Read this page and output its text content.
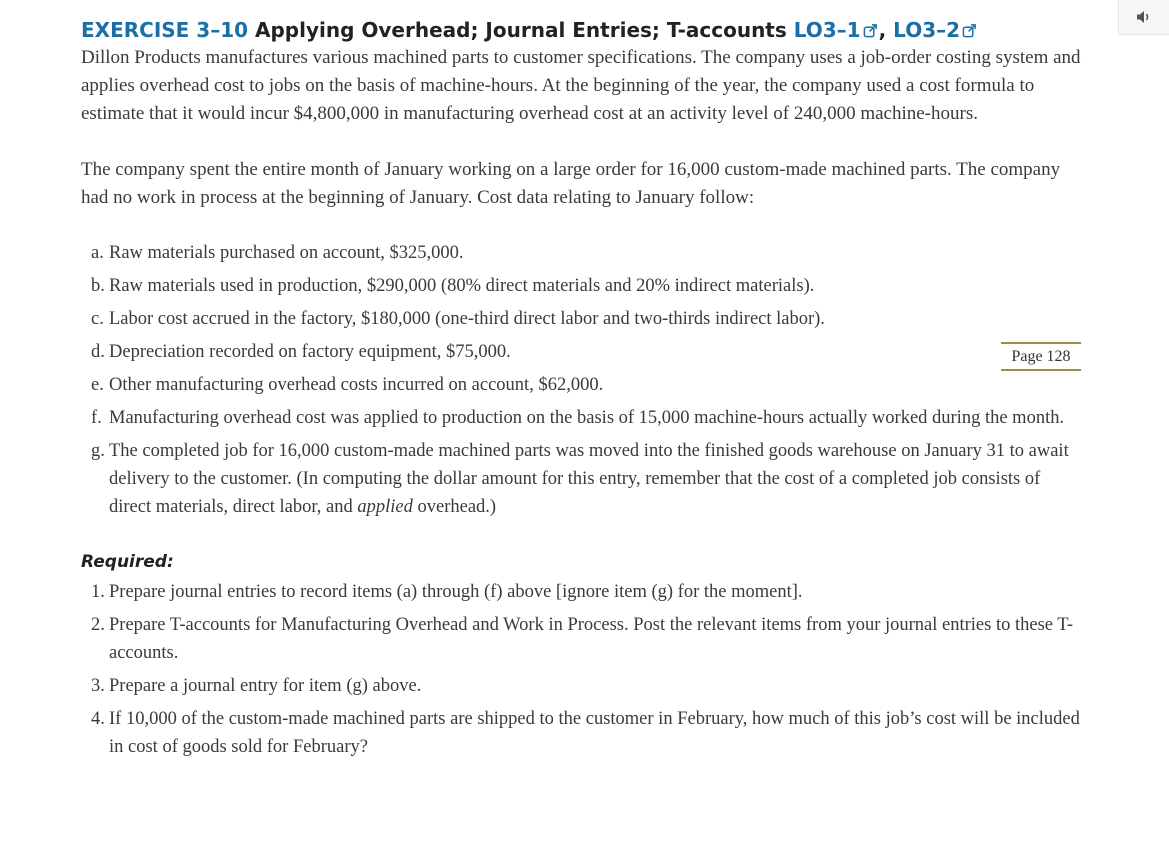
EXERCISE 3–10 Applying Overhead; Journal Entries; T-accounts LO3–1 , LO3–2

Dillon Products manufactures various machined parts to customer specifications. The company uses a job-order costing system and applies overhead cost to jobs on the basis of machine-hours. At the beginning of the year, the company used a cost formula to estimate that it would incur $4,800,000 in manufacturing overhead cost at an activity level of 240,000 machine-hours.

The company spent the entire month of January working on a large order for 16,000 custom-made machined parts. The company had no work in process at the beginning of January. Cost data relating to January follow:

a. Raw materials purchased on account, $325,000.
b. Raw materials used in production, $290,000 (80% direct materials and 20% indirect materials).
c. Labor cost accrued in the factory, $180,000 (one-third direct labor and two-thirds indirect labor).
d. Depreciation recorded on factory equipment, $75,000.
e. Other manufacturing overhead costs incurred on account, $62,000.
f. Manufacturing overhead cost was applied to production on the basis of 15,000 machine-hours actually worked during the month.
g. The completed job for 16,000 custom-made machined parts was moved into the finished goods warehouse on January 31 to await delivery to the customer. (In computing the dollar amount for this entry, remember that the cost of a completed job consists of direct materials, direct labor, and applied overhead.)
Page 128
Required:
1. Prepare journal entries to record items (a) through (f) above [ignore item (g) for the moment].
2. Prepare T-accounts for Manufacturing Overhead and Work in Process. Post the relevant items from your journal entries to these T-accounts.
3. Prepare a journal entry for item (g) above.
4. If 10,000 of the custom-made machined parts are shipped to the customer in February, how much of this job’s cost will be included in cost of goods sold for February?
